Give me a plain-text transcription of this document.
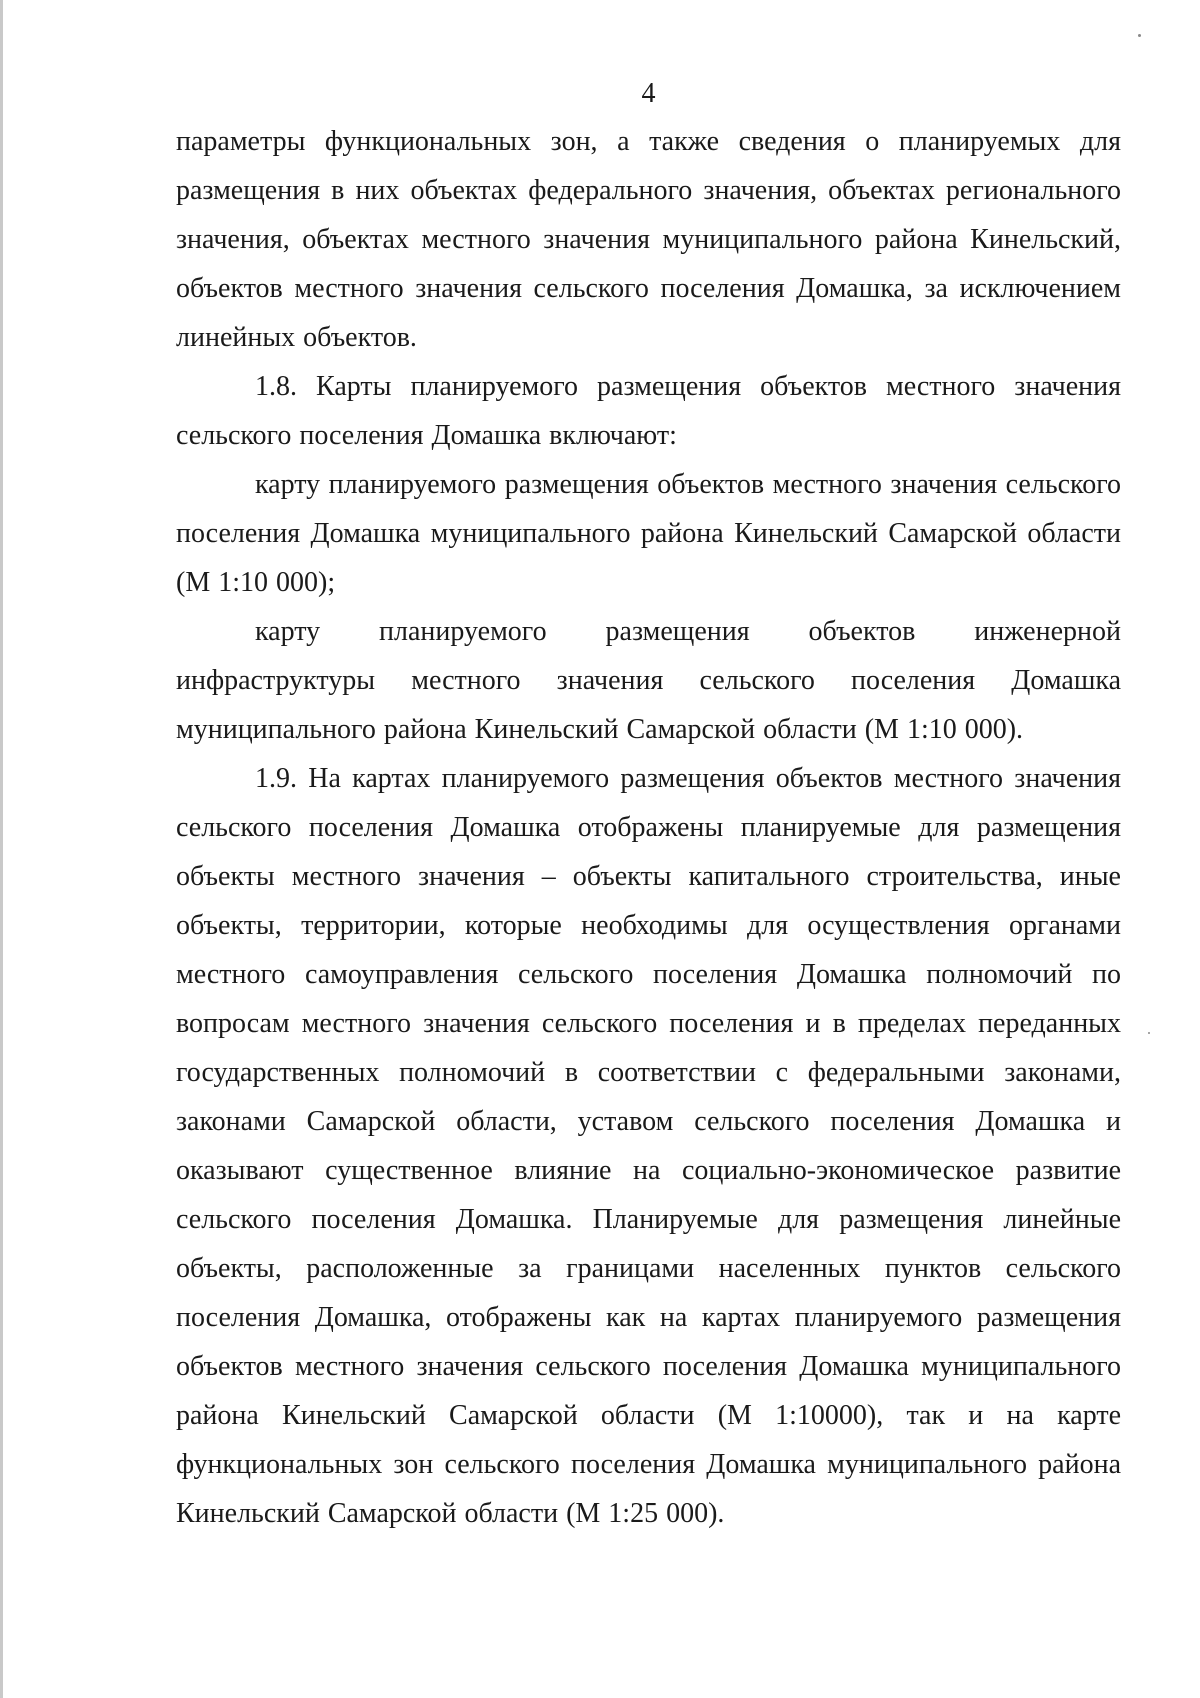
4

параметры функциональных зон, а также сведения о планируемых для размещения в них объектах федерального значения, объектах регионального значения, объектах местного значения муниципального района Кинельский, объектов местного значения сельского поселения Домашка, за исключением линейных объектов.

1.8. Карты планируемого размещения объектов местного значения сельского поселения Домашка включают:

карту планируемого размещения объектов местного значения сельского поселения Домашка муниципального района Кинельский Самарской области (М 1:10 000);

карту планируемого размещения объектов инженерной инфраструктуры местного значения сельского поселения Домашка муниципального района Кинельский Самарской области (М 1:10 000).

1.9. На картах планируемого размещения объектов местного значения сельского поселения Домашка отображены планируемые для размещения объекты местного значения – объекты капитального строительства, иные объекты, территории, которые необходимы для осуществления органами местного самоуправления сельского поселения Домашка полномочий по вопросам местного значения сельского поселения и в пределах переданных государственных полномочий в соответствии с федеральными законами, законами Самарской области, уставом сельского поселения Домашка и оказывают существенное влияние на социально-экономическое развитие сельского поселения Домашка. Планируемые для размещения линейные объекты, расположенные за границами населенных пунктов сельского поселения Домашка, отображены как на картах планируемого размещения объектов местного значения сельского поселения Домашка муниципального района Кинельский Самарской области (М 1:10000), так и на карте функциональных зон сельского поселения Домашка муниципального района Кинельский Самарской области (М 1:25 000).
